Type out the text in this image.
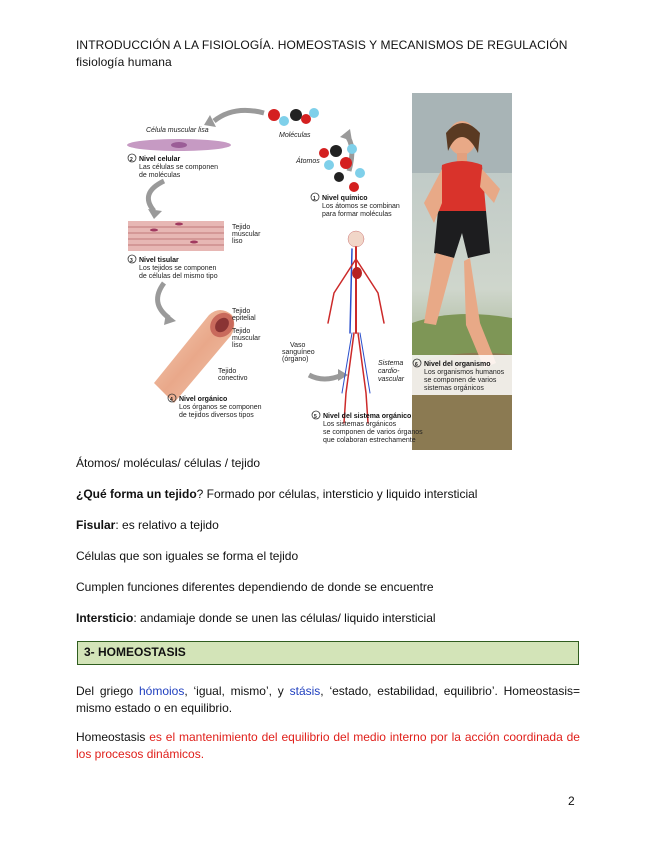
INTRODUCCIÓN A LA FISIOLOGÍA. HOMEOSTASIS Y MECANISMOS DE REGULACIÓN
fisiología humana
Célula muscular lisa
2 Nivel celular
Las células se componen
de moléculas
Moléculas
Átomos
1 Nivel químico
Los átomos se combinan
para formar moléculas
Tejido
muscular
liso
3 Nivel tisular
Los tejidos se componen
de células del mismo tipo
Tejido
epitelial
Tejido
muscular
liso
Tejido
conectivo
4 Nivel orgánico
Los órganos se componen
de tejidos diversos tipos
Vaso
sanguíneo
(órgano)
Sistema
cardio-
vascular
5 Nivel del sistema orgánico
Los sistemas orgánicos
se componen de varios órganos
que colaboran estrechamente
6 Nivel del organismo
Los organismos humanos
se componen de varios
sistemas orgánicos
Átomos/ moléculas/ células / tejido
¿Qué forma un tejido? Formado por células, intersticio y liquido intersticial
Fisular: es relativo a tejido
Células que son iguales se forma el tejido
Cumplen funciones diferentes dependiendo de donde se encuentre
Intersticio: andamiaje donde se unen las células/ liquido intersticial
3- HOMEOSTASIS
Del griego hómoios, ‘igual, mismo’, y stásis, ‘estado, estabilidad, equilibrio’. Homeostasis= mismo estado o en equilibrio.
Homeostasis es el mantenimiento del equilibrio del medio interno por la acción coordinada de los procesos dinámicos.
2
